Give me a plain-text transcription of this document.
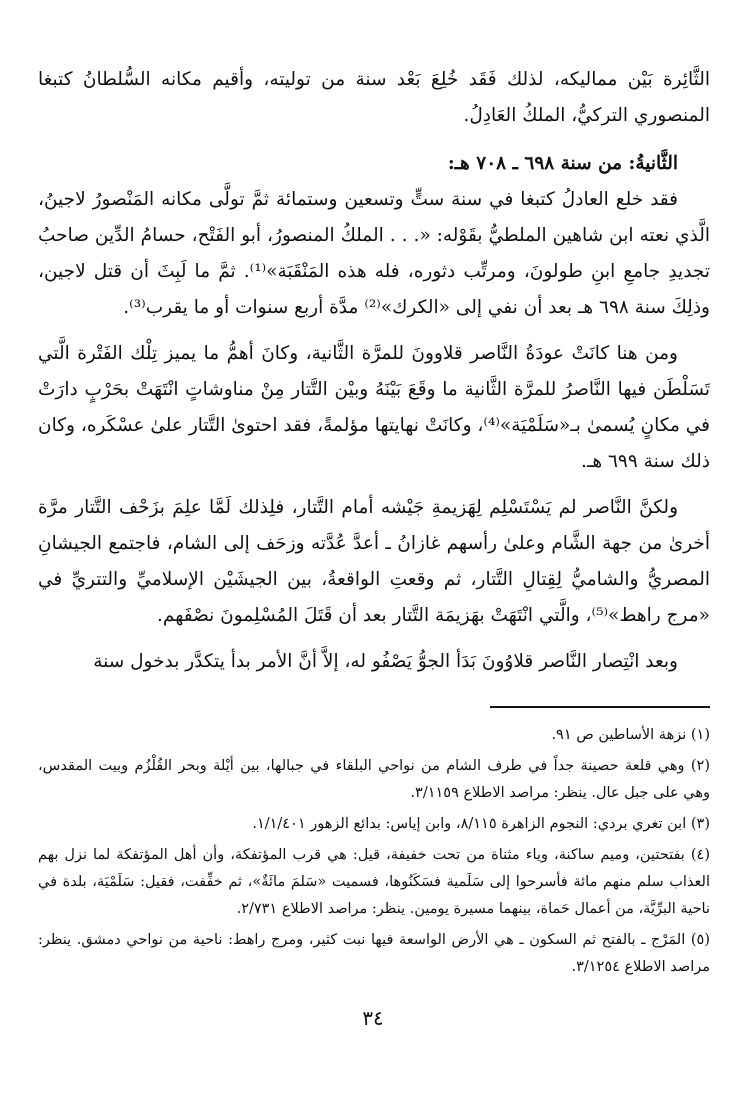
الثَّائِرة بَيْن مماليكه، لذلك فَقَد خُلِعَ بَعْد سنة من توليته، وأقيم مكانه السُّلطانُ كتبغا المنصوري التركيُّ، الملكُ العَادِلُ.

الثَّانيةُ: من سنة ٦٩٨ ـ ٧٠٨ هـ:

فقد خلع العادلُ كتبغا في سنة ستٍّ وتسعين وستمائة ثمَّ تولَّى مكانه المَنْصورُ لاجينُ، الَّذي نعته ابن شاهين الملطيُّ بقَوْله: «. . . الملكُ المنصورُ، أبو الفَتْح، حسامُ الدِّين صاحبُ تجديدِ جامعِ ابنِ طولونَ، ومرتِّب دثوره، فله هذه المَنْقَبَة»⁽¹⁾. ثمَّ ما لَبِثَ أن قتل لاجين، وذلِكَ سنة ٦٩٨ هـ بعد أن نفي إلى «الكرك»⁽²⁾ مدَّة أربع سنوات أو ما يقرب⁽³⁾.

ومن هنا كانَتْ عودَةُ النَّاصر قلاوونَ للمرَّة الثَّانية، وكانَ أهمُّ ما يميز تِلْك الفَتْرة الَّتي تَسَلْطَن فيها النَّاصرُ للمرَّة الثَّانية ما وقَعَ بَيْنَهُ وبيْن التَّتار مِنْ مناوشاتٍ انْتَهَتْ بحَرْبٍ دارَتْ في مكانٍ يُسمىٰ بـ«سَلَمْيَة»⁽⁴⁾، وكانَتْ نهايتها مؤلمةً، فقد احتوىٰ التَّتار علىٰ عسْكَره، وكان ذلك سنة ٦٩٩ هـ.

ولكنَّ النَّاصر لم يَسْتَسْلِم لِهَزيمةِ جَيْشه أمام التَّتار، فلِذلك لَمَّا علِمَ بزَحْف التَّتار مرَّة أخرىٰ من جهة الشَّام وعلىٰ رأسهم غازانُ ـ أعدَّ عُدَّته وزحَف إلى الشام، فاجتمع الجيشانِ المصريُّ والشاميُّ لِقِتالِ التَّتار، ثم وقعتِ الواقعةُ، بين الجيشَيْن الإسلاميِّ والتتريِّ في «مرج راهط»⁽⁵⁾، والَّتي انْتَهَتْ بهَزيمَة التَّتار بعد أن قَتَلَ المُسْلِمونَ نصْفَهم.

وبعد انْتِصار النَّاصر قلاوُونَ بَدَأ الجوُّ يَصْفُو له، إلاَّ أنَّ الأمر بدأ يتكدَّر بدخول سنة

(١) نزهة الأساطين ص ٩١.

(٢) وهي قلعة حصينة جداً في طرف الشام من نواحي البلقاء في جبالها، بين أيْلة وبحر القُلْزُم وبيت المقدس، وهي على جبل عال. ينظر: مراصد الاطلاع ٣/١١٥٩.

(٣) ابن تغري بردي: النجوم الزاهرة ٨/١١٥، وابن إياس: بدائع الزهور ١/١/٤٠١.

(٤) بفتحتين، وميم ساكنة، وياء مثناة من تحت خفيفة، قيل: هي قرب المؤتفكة، وأن أهل المؤتفكة لما نزل بهم العذاب سلم منهم مائة فأسرحوا إلى سَلَمية فسَكَنُوها، فسميت «سَلمَ مائَةٌ»، ثم خفِّفت، فقيل: سَلَمْيَة، بلدة في ناحية البرِّيَّة، من أعمال حَماة، بينهما مسيرة يومين. ينظر: مراصد الاطلاع ٢/٧٣١.

(٥) المَرْج ـ بالفتح ثم السكون ـ هي الأرض الواسعة فيها نبت كثير، ومرج راهط: ناحية من نواحي دمشق. ينظر: مراصد الاطلاع ٣/١٢٥٤.

٣٤
